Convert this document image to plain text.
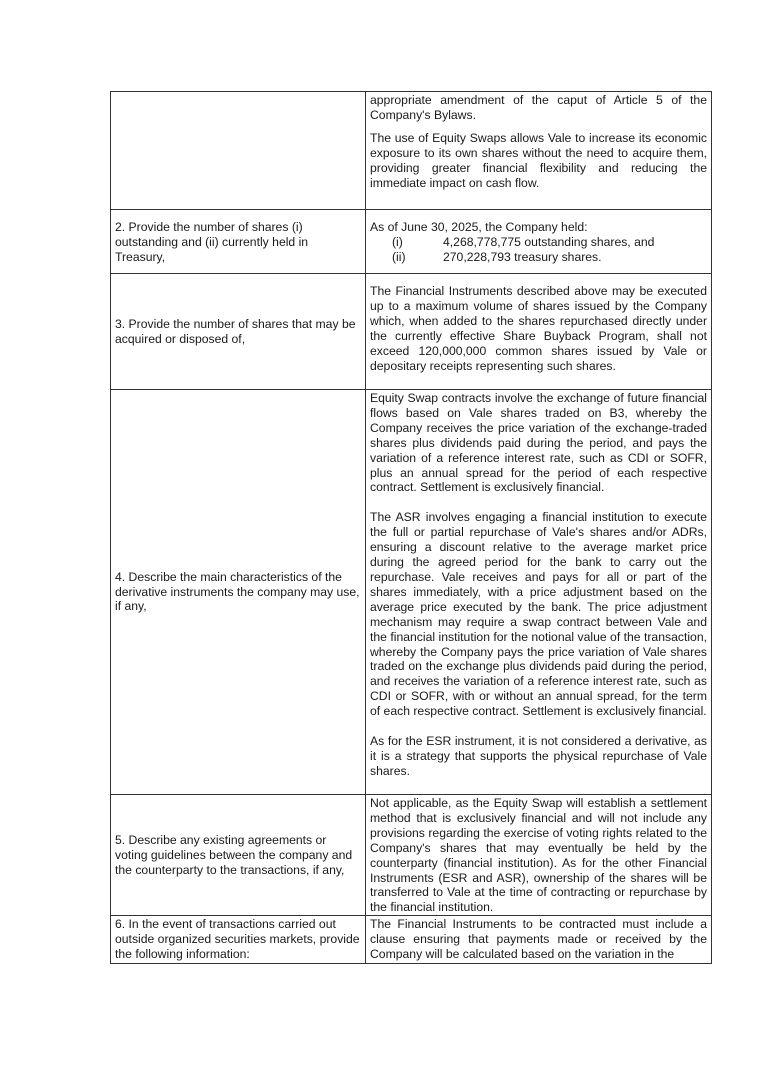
	appropriate amendment of the caput of Article 5 of the Company's Bylaws.

The use of Equity Swaps allows Vale to increase its economic exposure to its own shares without the need to acquire them, providing greater financial flexibility and reducing the immediate impact on cash flow.

2. Provide the number of shares (i) outstanding and (ii) currently held in Treasury,	As of June 30, 2025, the Company held:

(i) 4,268,778,775 outstanding shares, and
(ii) 270,228,793 treasury shares.

3. Provide the number of shares that may be acquired or disposed of,	The Financial Instruments described above may be executed up to a maximum volume of shares issued by the Company which, when added to the shares repurchased directly under the currently effective Share Buyback Program, shall not exceed 120,000,000 common shares issued by Vale or depositary receipts representing such shares.

4. Describe the main characteristics of the derivative instruments the company may use, if any,	Equity Swap contracts involve the exchange of future financial flows based on Vale shares traded on B3, whereby the Company receives the price variation of the exchange-traded shares plus dividends paid during the period, and pays the variation of a reference interest rate, such as CDI or SOFR, plus an annual spread for the period of each respective contract. Settlement is exclusively financial.

The ASR involves engaging a financial institution to execute the full or partial repurchase of Vale's shares and/or ADRs, ensuring a discount relative to the average market price during the agreed period for the bank to carry out the repurchase. Vale receives and pays for all or part of the shares immediately, with a price adjustment based on the average price executed by the bank. The price adjustment mechanism may require a swap contract between Vale and the financial institution for the notional value of the transaction, whereby the Company pays the price variation of Vale shares traded on the exchange plus dividends paid during the period, and receives the variation of a reference interest rate, such as CDI or SOFR, with or without an annual spread, for the term of each respective contract. Settlement is exclusively financial.

As for the ESR instrument, it is not considered a derivative, as it is a strategy that supports the physical repurchase of Vale shares.

5. Describe any existing agreements or voting guidelines between the company and the counterparty to the transactions, if any,	Not applicable, as the Equity Swap will establish a settlement method that is exclusively financial and will not include any provisions regarding the exercise of voting rights related to the Company's shares that may eventually be held by the counterparty (financial institution). As for the other Financial Instruments (ESR and ASR), ownership of the shares will be transferred to Vale at the time of contracting or repurchase by the financial institution.

6. In the event of transactions carried out outside organized securities markets, provide the following information:	The Financial Instruments to be contracted must include a clause ensuring that payments made or received by the Company will be calculated based on the variation in the
